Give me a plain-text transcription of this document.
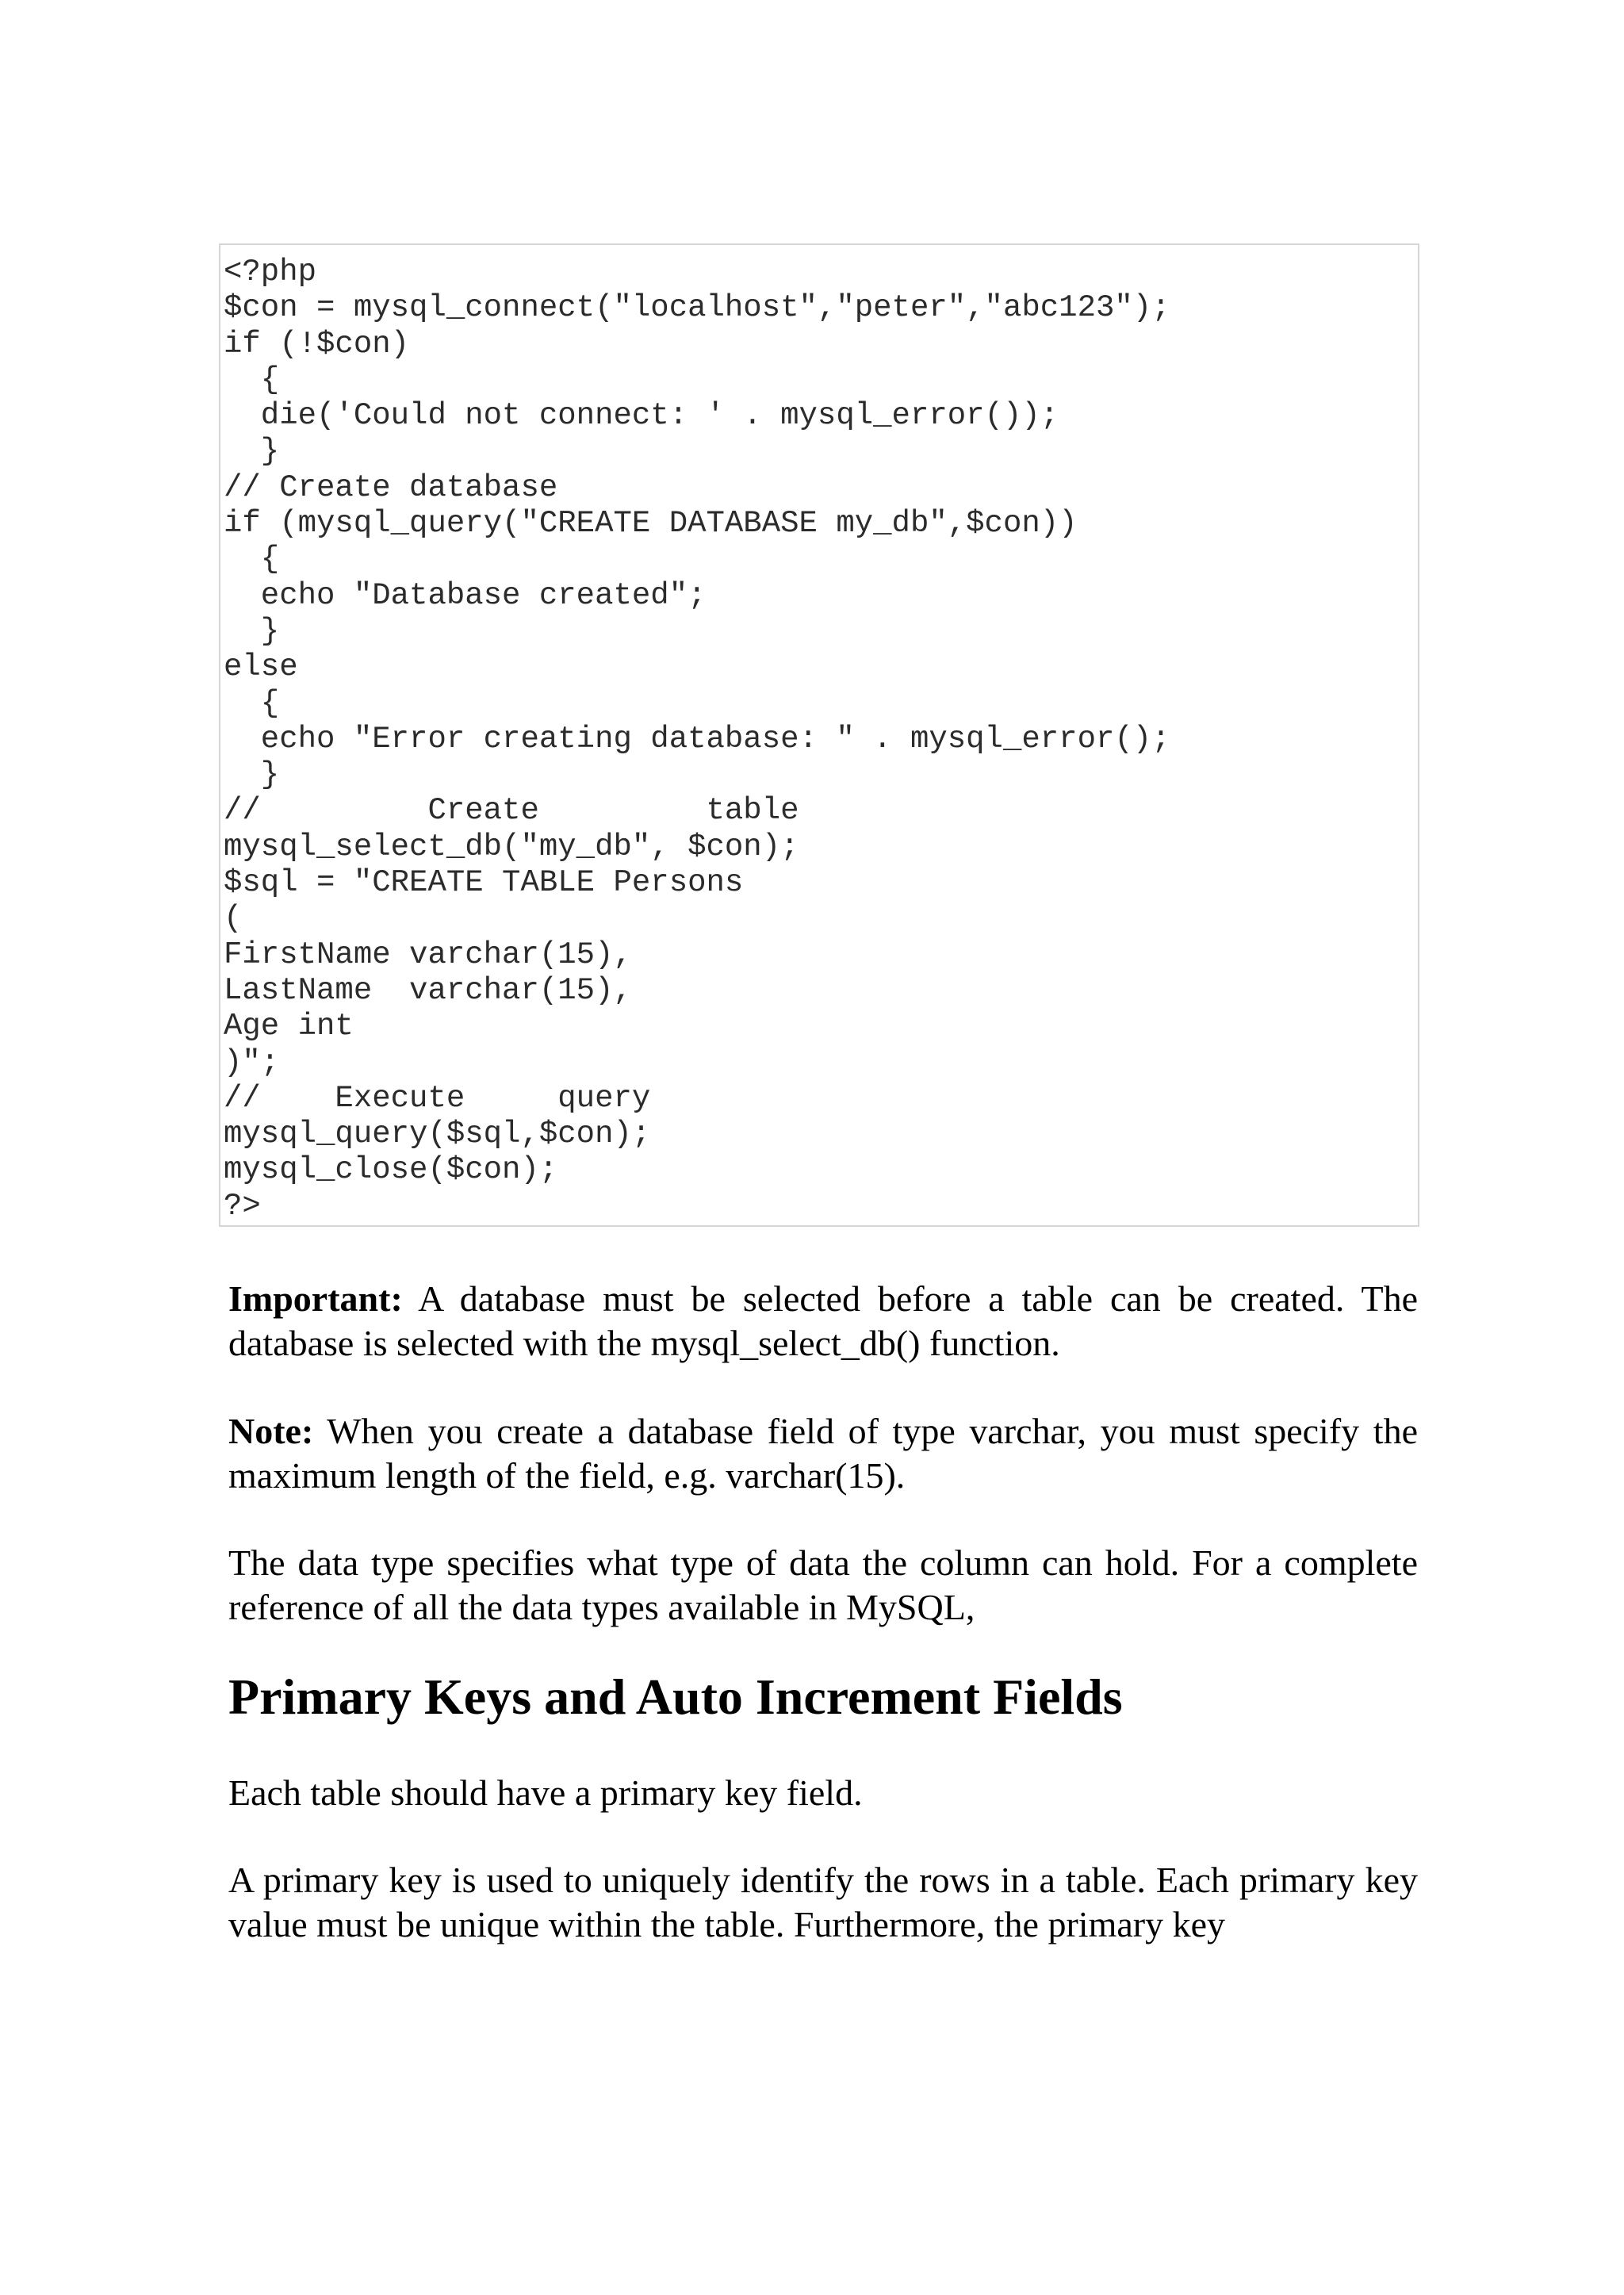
<?php
$con = mysql_connect("localhost","peter","abc123");
if (!$con)
{
die('Could not connect: ' . mysql_error());
}
// Create database
if (mysql_query("CREATE DATABASE my_db",$con))
{
echo "Database created";
}
else
{
echo "Error creating database: " . mysql_error();
}
//         Create         table
mysql_select_db("my_db", $con);
$sql = "CREATE TABLE Persons
(
FirstName varchar(15),
LastName  varchar(15),
Age int
)";
//    Execute     query
mysql_query($sql,$con);
mysql_close($con);
?>

Important: A database must be selected before a table can be created. The database is selected with the mysql_select_db() function.

Note: When you create a database field of type varchar, you must specify the maximum length of the field, e.g. varchar(15).

The data type specifies what type of data the column can hold. For a complete reference of all the data types available in MySQL,

Primary Keys and Auto Increment Fields

Each table should have a primary key field.

A primary key is used to uniquely identify the rows in a table. Each primary key value must be unique within the table. Furthermore, the primary key
